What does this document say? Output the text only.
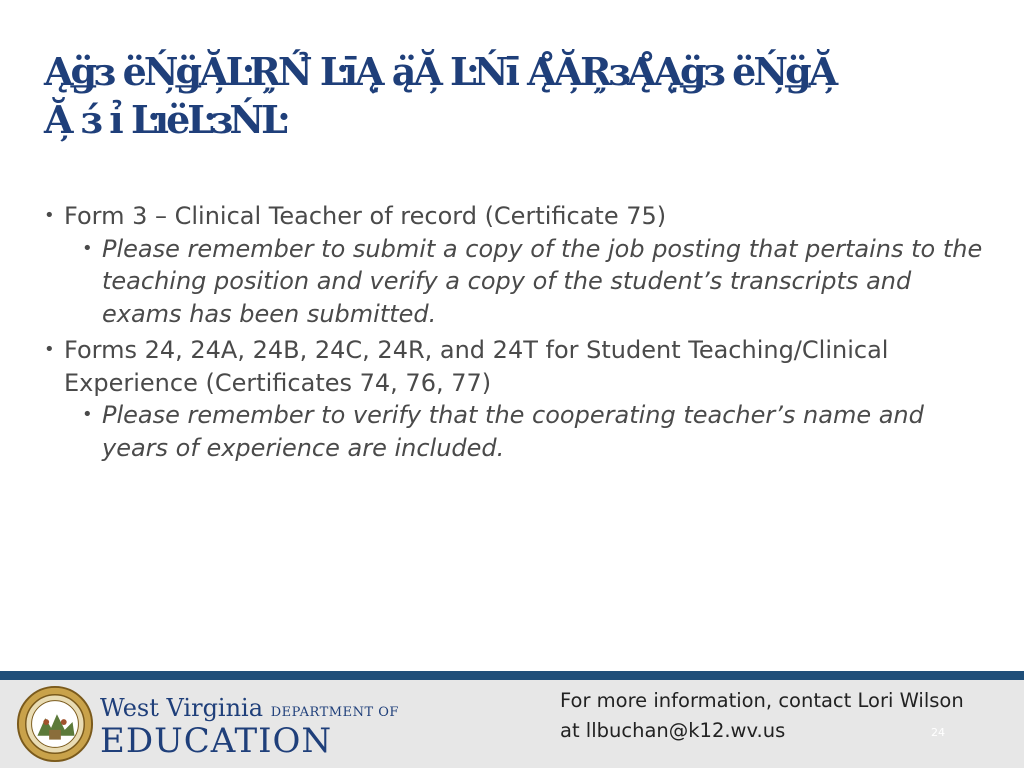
Ąǥ̈ɜ ëŃ̦ǥ̈Ă̦ĿŖ̦Ń̉ Ŀı̄Ą̦ ą̈Ă̦ ĿŃı̄ Ą̊Ă̦Ŗ̦ɜĄ̊Ą̦ǥ̈ɜ ëŃ̦ǥ̈Ă̦
Ă̦ ɜ́ ı̉ ĿıëĿɜŃĿ
• Form 3 – Clinical Teacher of record (Certificate 75)
• Please remember to submit a copy of the job posting that pertains to the teaching position and verify a copy of the student’s transcripts and exams has been submitted.
• Forms 24, 24A, 24B, 24C, 24R, and 24T for Student Teaching/Clinical Experience (Certificates 74, 76, 77)
• Please remember to verify that the cooperating teacher’s name and years of experience are included.
West Virginia DEPARTMENT OF
EDUCATION
For more information, contact Lori Wilson
at llbuchan@k12.wv.us	24
